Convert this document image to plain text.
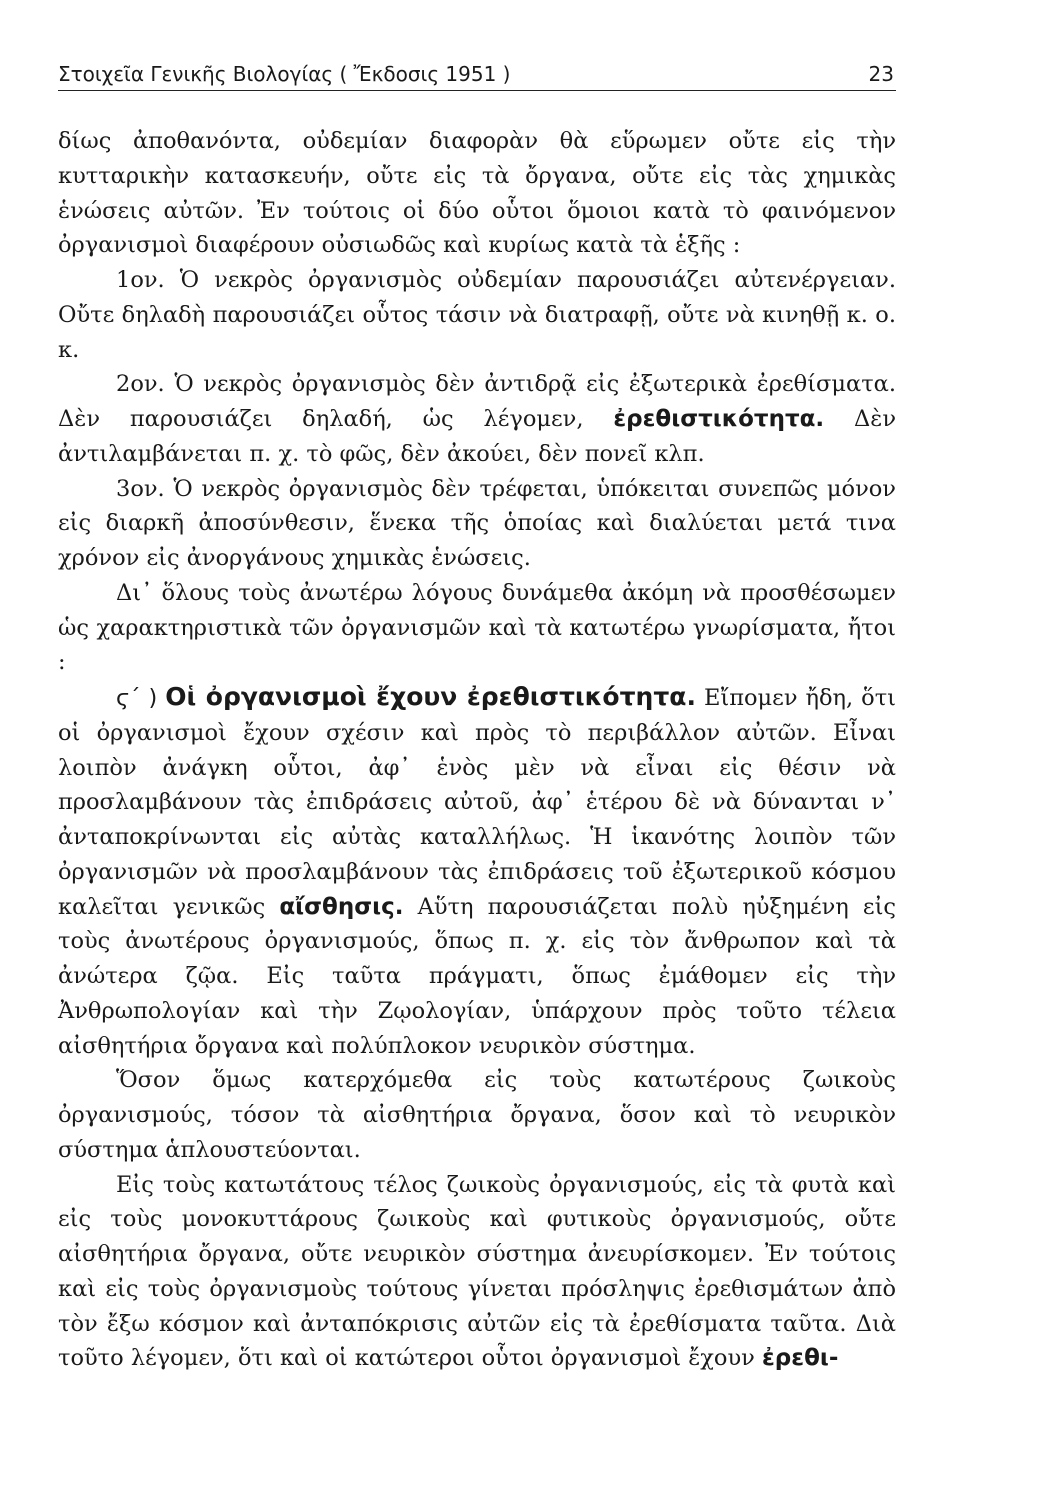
Στοιχεῖα Γενικῆς Βιολογίας ( Ἔκδοσις 1951 )	23

δίως ἀποθανόντα, οὐδεμίαν διαφορὰν θὰ εὕρωμεν οὔτε εἰς τὴν κυτταρικὴν κατασκευήν, οὔτε εἰς τὰ ὄργανα, οὔτε εἰς τὰς χημικὰς ἑνώσεις αὐτῶν. Ἐν τούτοις οἱ δύο οὗτοι ὅμοιοι κατὰ τὸ φαινόμενον ὀργανισμοὶ διαφέρουν οὐσιωδῶς καὶ κυρίως κατὰ τὰ ἑξῆς :

1ον. Ὁ νεκρὸς ὀργανισμὸς οὐδεμίαν παρουσιάζει αὐτενέργειαν. Οὔτε δηλαδὴ παρουσιάζει οὗτος τάσιν νὰ διατραφῇ, οὔτε νὰ κινηθῇ κ. ο. κ.

2ον. Ὁ νεκρὸς ὀργανισμὸς δὲν ἀντιδρᾷ εἰς ἐξωτερικὰ ἐρεθίσματα. Δὲν παρουσιάζει δηλαδή, ὡς λέγομεν, ἐρεθιστικότητα. Δὲν ἀντιλαμβάνεται π. χ. τὸ φῶς, δὲν ἀκούει, δὲν πονεῖ κλπ.

3ον. Ὁ νεκρὸς ὀργανισμὸς δὲν τρέφεται, ὑπόκειται συνεπῶς μόνον εἰς διαρκῆ ἀποσύνθεσιν, ἕνεκα τῆς ὁποίας καὶ διαλύεται μετά τινα χρόνον εἰς ἀνοργάνους χημικὰς ἑνώσεις.

Δι᾽ ὅλους τοὺς ἀνωτέρω λόγους δυνάμεθα ἀκόμη νὰ προσθέσωμεν ὡς χαρακτηριστικὰ τῶν ὀργανισμῶν καὶ τὰ κατωτέρω γνωρίσματα, ἤτοι :

ϛ´ ) Οἱ ὀργανισμοὶ ἔχουν ἐρεθιστικότητα. Εἴπομεν ἤδη, ὅτι οἱ ὀργανισμοὶ ἔχουν σχέσιν καὶ πρὸς τὸ περιβάλλον αὐτῶν. Εἶναι λοιπὸν ἀνάγκη οὗτοι, ἀφ᾽ ἑνὸς μὲν νὰ εἶναι εἰς θέσιν νὰ προσλαμβάνουν τὰς ἐπιδράσεις αὐτοῦ, ἀφ᾽ ἑτέρου δὲ νὰ δύνανται ν᾽ ἀνταποκρίνωνται εἰς αὐτὰς καταλλήλως. Ἡ ἱκανότης λοιπὸν τῶν ὀργανισμῶν νὰ προσλαμβάνουν τὰς ἐπιδράσεις τοῦ ἐξωτερικοῦ κόσμου καλεῖται γενικῶς αἴσθησις. Αὕτη παρουσιάζεται πολὺ ηὐξημένη εἰς τοὺς ἀνωτέρους ὀργανισμούς, ὅπως π. χ. εἰς τὸν ἄνθρωπον καὶ τὰ ἀνώτερα ζῷα. Εἰς ταῦτα πράγματι, ὅπως ἐμάθομεν εἰς τὴν Ἀνθρωπολογίαν καὶ τὴν Ζῳολογίαν, ὑπάρχουν πρὸς τοῦτο τέλεια αἰσθητήρια ὄργανα καὶ πολύπλοκον νευρικὸν σύστημα.

Ὅσον ὅμως κατερχόμεθα εἰς τοὺς κατωτέρους ζωικοὺς ὀργανισμούς, τόσον τὰ αἰσθητήρια ὄργανα, ὅσον καὶ τὸ νευρικὸν σύστημα ἁπλουστεύονται.

Εἰς τοὺς κατωτάτους τέλος ζωικοὺς ὀργανισμούς, εἰς τὰ φυτὰ καὶ εἰς τοὺς μονοκυττάρους ζωικοὺς καὶ φυτικοὺς ὀργανισμούς, οὔτε αἰσθητήρια ὄργανα, οὔτε νευρικὸν σύστημα ἀνευρίσκομεν. Ἐν τούτοις καὶ εἰς τοὺς ὀργανισμοὺς τούτους γίνεται πρόσληψις ἐρεθισμάτων ἀπὸ τὸν ἔξω κόσμον καὶ ἀνταπόκρισις αὐτῶν εἰς τὰ ἐρεθίσματα ταῦτα. Διὰ τοῦτο λέγομεν, ὅτι καὶ οἱ κατώτεροι οὗτοι ὀργανισμοὶ ἔχουν ἐρεθι-
